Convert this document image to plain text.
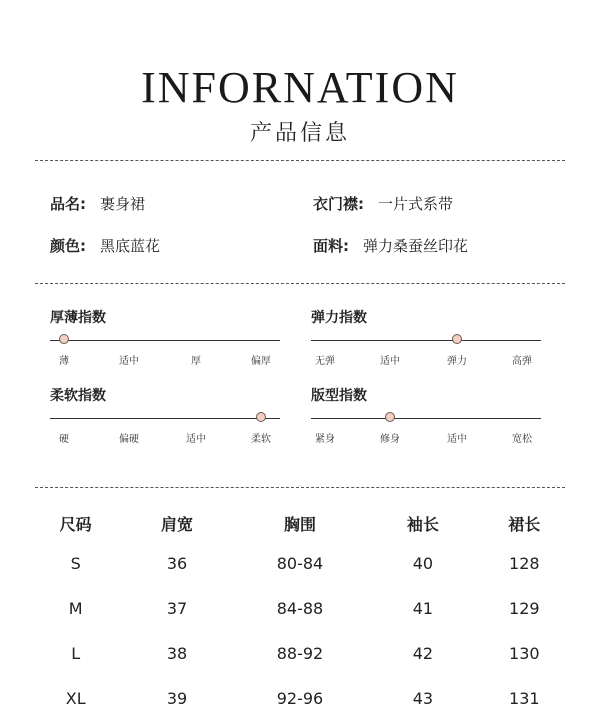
INFORNATION
产品信息
品名: 裹身裙	衣门襟: 一片式系带
颜色: 黑底蓝花	面料: 弹力桑蚕丝印花
厚薄指数
薄	适中	厚	偏厚
弹力指数
无弹	适中	弹力	高弹
柔软指数
硬	偏硬	适中	柔软
版型指数
紧身	修身	适中	宽松
尺码	肩宽	胸围	袖长	裙长
S	36	80-84	40	128
M	37	84-88	41	129
L	38	88-92	42	130
XL	39	92-96	43	131
